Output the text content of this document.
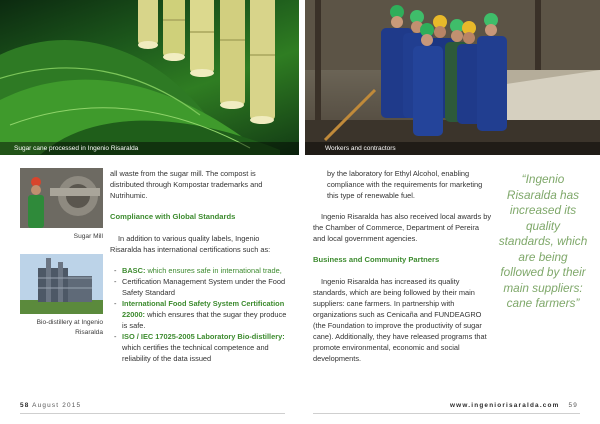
Sugar cane processed in Ingenio Risaralda	Workers and contractors
Sugar Mill
Bio-distillery at Ingenio
Risaralda

all waste from the sugar mill. The compost is distributed through Kompostar trademarks and Nutrihumic.

Compliance with Global Standards

In addition to various quality labels, Ingenio Risaralda has international certifications such as:

- BASC: which ensures safe in international trade,
- Certification Management System under the Food Safety Standard
- International Food Safety System Certification 22000: which ensures that the sugar they produce is safe.
- ISO / IEC 17025-2005 Laboratory Bio-distillery: which certifies the technical competence and reliability of the data issued

by the laboratory for Ethyl Alcohol, enabling compliance with the requirements for marketing this type of renewable fuel.

Ingenio Risaralda has also received local awards by the Chamber of Commerce, Department of Pereira and local government agencies.

Business and Community Partners

Ingenio Risaralda has increased its quality standards, which are being followed by their main suppliers: cane farmers. In partnership with organizations such as Cenicaña and FUNDEAGRO (the Foundation to improve the productivity of sugar cane). Additionally, they have released programs that promote environmental, economic and social developments.

“Ingenio Risaralda has increased its quality standards, which are being followed by their main suppliers: cane farmers”
58 August 2015	www.ingeniorisaralda.com 59
